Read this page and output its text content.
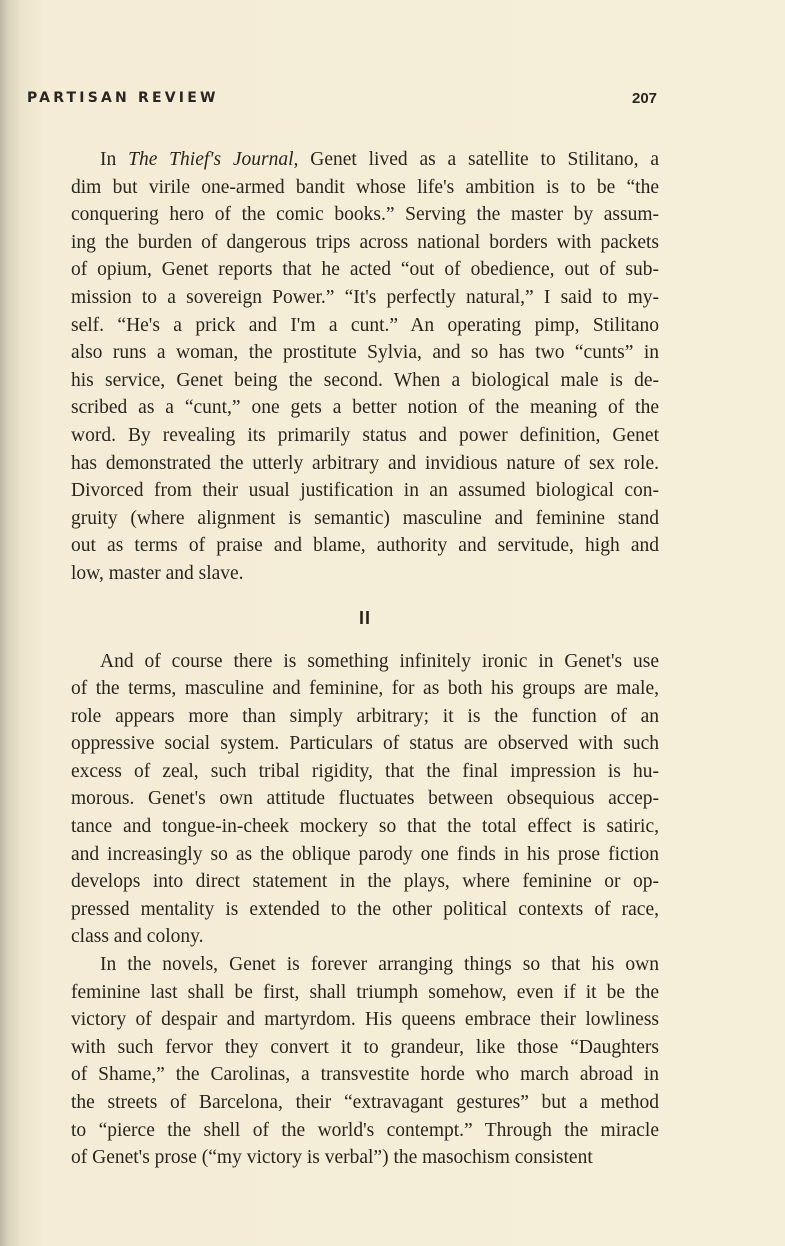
PARTISAN REVIEW	207
In The Thief's Journal, Genet lived as a satellite to Stilitano, a
dim but virile one-armed bandit whose life's ambition is to be “the
conquering hero of the comic books.” Serving the master by assum-
ing the burden of dangerous trips across national borders with packets
of opium, Genet reports that he acted “out of obedience, out of sub-
mission to a sovereign Power.” “It's perfectly natural,” I said to my-
self. “He's a prick and I'm a cunt.” An operating pimp, Stilitano
also runs a woman, the prostitute Sylvia, and so has two “cunts” in
his service, Genet being the second. When a biological male is de-
scribed as a “cunt,” one gets a better notion of the meaning of the
word. By revealing its primarily status and power definition, Genet
has demonstrated the utterly arbitrary and invidious nature of sex role.
Divorced from their usual justification in an assumed biological con-
gruity (where alignment is semantic) masculine and feminine stand
out as terms of praise and blame, authority and servitude, high and
low, master and slave.
II
And of course there is something infinitely ironic in Genet's use
of the terms, masculine and feminine, for as both his groups are male,
role appears more than simply arbitrary; it is the function of an
oppressive social system. Particulars of status are observed with such
excess of zeal, such tribal rigidity, that the final impression is hu-
morous. Genet's own attitude fluctuates between obsequious accep-
tance and tongue-in-cheek mockery so that the total effect is satiric,
and increasingly so as the oblique parody one finds in his prose fiction
develops into direct statement in the plays, where feminine or op-
pressed mentality is extended to the other political contexts of race,
class and colony.
In the novels, Genet is forever arranging things so that his own
feminine last shall be first, shall triumph somehow, even if it be the
victory of despair and martyrdom. His queens embrace their lowliness
with such fervor they convert it to grandeur, like those “Daughters
of Shame,” the Carolinas, a transvestite horde who march abroad in
the streets of Barcelona, their “extravagant gestures” but a method
to “pierce the shell of the world's contempt.” Through the miracle
of Genet's prose (“my victory is verbal”) the masochism consistent
